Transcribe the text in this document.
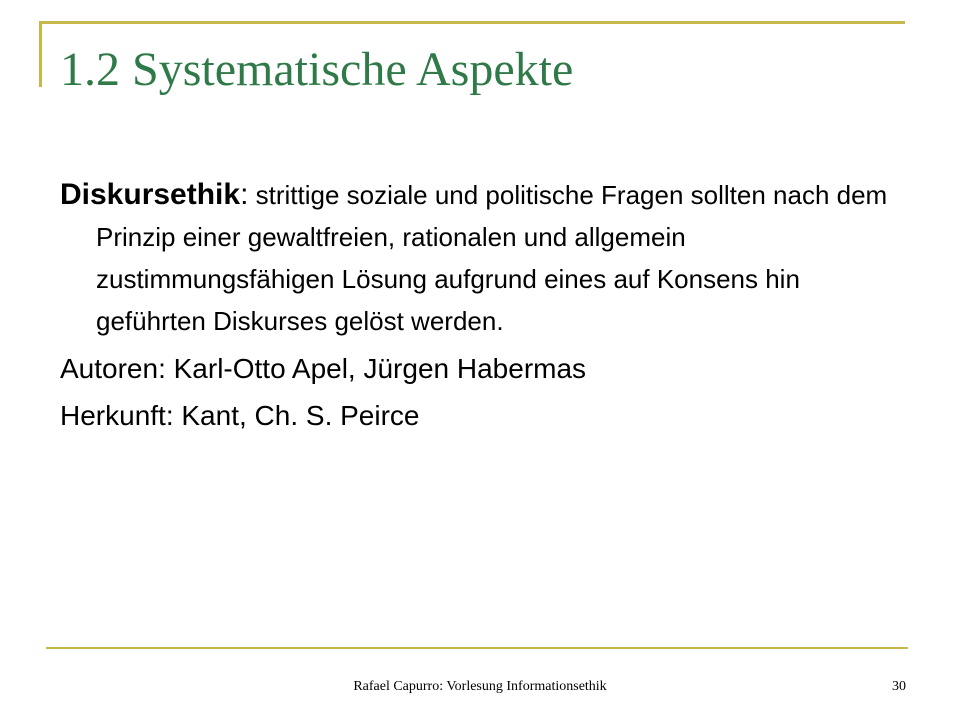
1.2 Systematische Aspekte

Diskursethik: strittige soziale und politische Fragen sollten nach dem Prinzip einer gewaltfreien, rationalen und allgemein zustimmungsfähigen Lösung aufgrund eines auf Konsens hin geführten Diskurses gelöst werden.

Autoren: Karl-Otto Apel, Jürgen Habermas

Herkunft: Kant, Ch. S. Peirce

Rafael Capurro: Vorlesung Informationsethik	30
